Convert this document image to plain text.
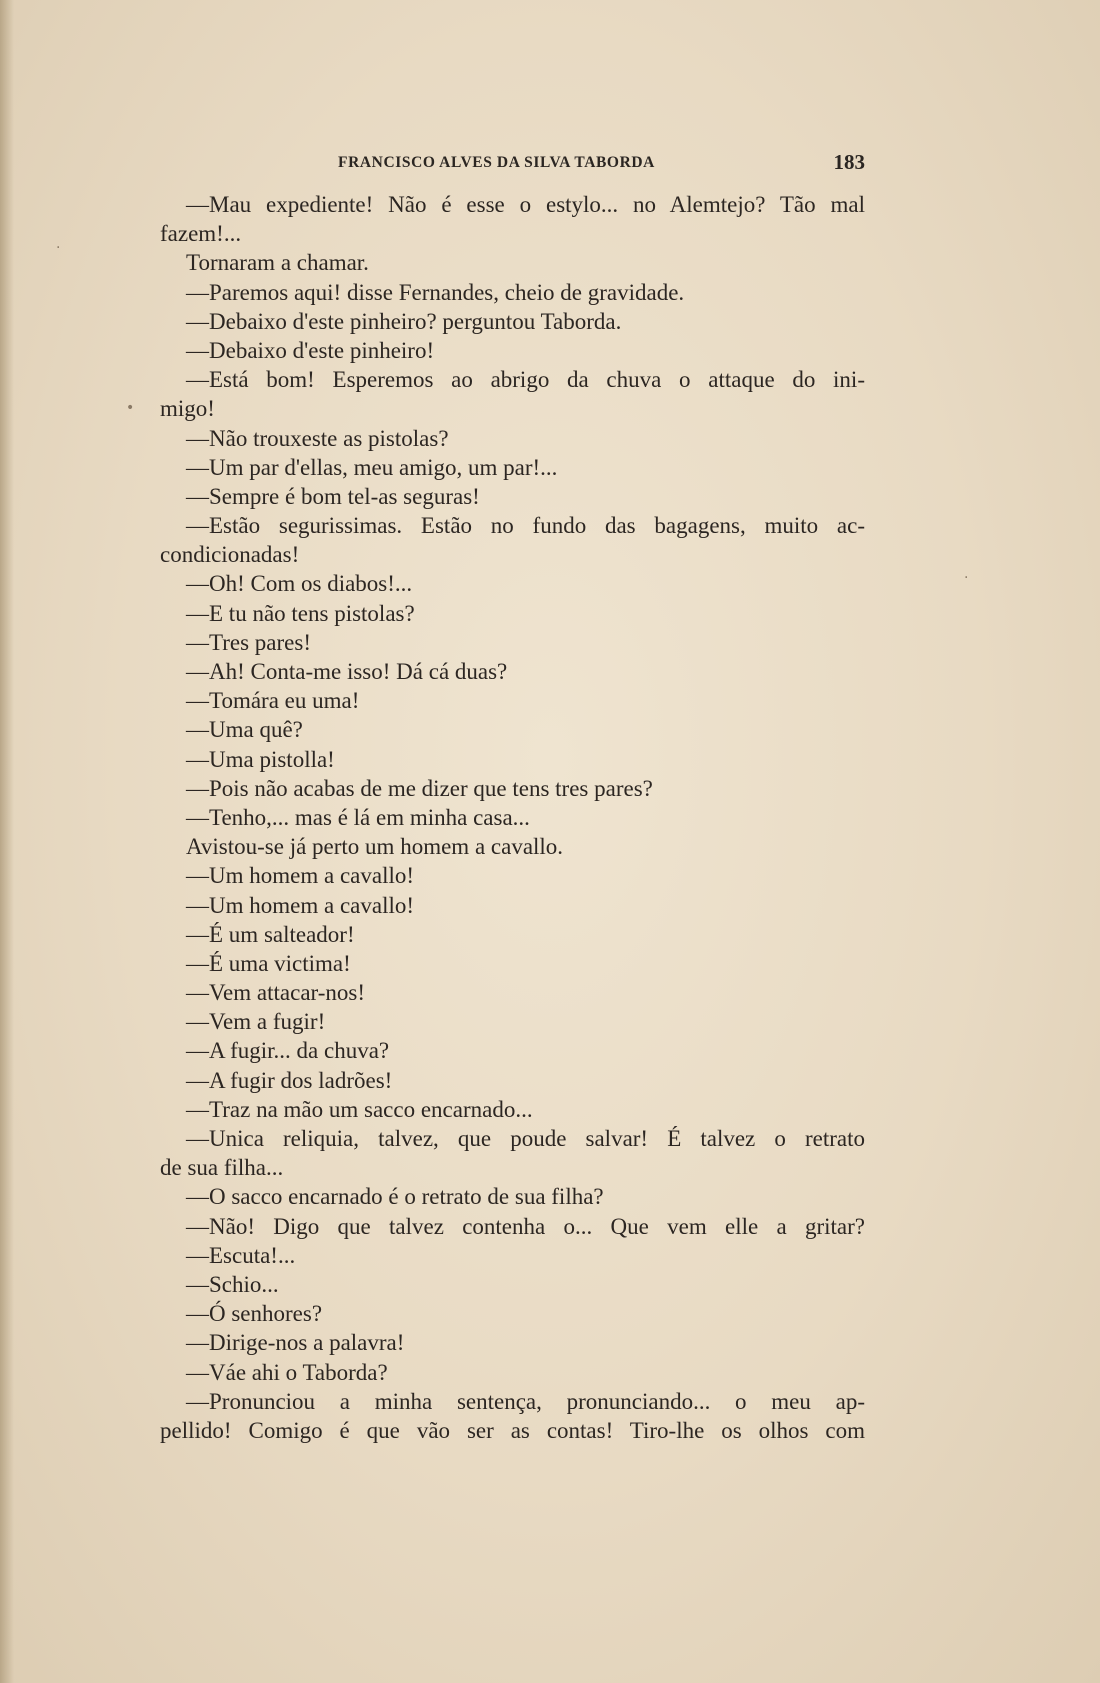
FRANCISCO ALVES DA SILVA TABORDA	183
—Mau expediente! Não é esse o estylo... no Alemtejo? Tão mal
fazem!...
Tornaram a chamar.
—Paremos aqui! disse Fernandes, cheio de gravidade.
—Debaixo d'este pinheiro? perguntou Taborda.
—Debaixo d'este pinheiro!
—Está bom! Esperemos ao abrigo da chuva o attaque do ini-
migo!
—Não trouxeste as pistolas?
—Um par d'ellas, meu amigo, um par!...
—Sempre é bom tel-as seguras!
—Estão segurissimas. Estão no fundo das bagagens, muito ac-
condicionadas!
—Oh! Com os diabos!...
—E tu não tens pistolas?
—Tres pares!
—Ah! Conta-me isso! Dá cá duas?
—Tomára eu uma!
—Uma quê?
—Uma pistolla!
—Pois não acabas de me dizer que tens tres pares?
—Tenho,... mas é lá em minha casa...
Avistou-se já perto um homem a cavallo.
—Um homem a cavallo!
—Um homem a cavallo!
—É um salteador!
—É uma victima!
—Vem attacar-nos!
—Vem a fugir!
—A fugir... da chuva?
—A fugir dos ladrões!
—Traz na mão um sacco encarnado...
—Unica reliquia, talvez, que poude salvar! É talvez o retrato
de sua filha...
—O sacco encarnado é o retrato de sua filha?
—Não! Digo que talvez contenha o... Que vem elle a gritar?
—Escuta!...
—Schio...
—Ó senhores?
—Dirige-nos a palavra!
—Váe ahi o Taborda?
—Pronunciou a minha sentença, pronunciando... o meu ap-
pellido! Comigo é que vão ser as contas! Tiro-lhe os olhos com
•
·
·
